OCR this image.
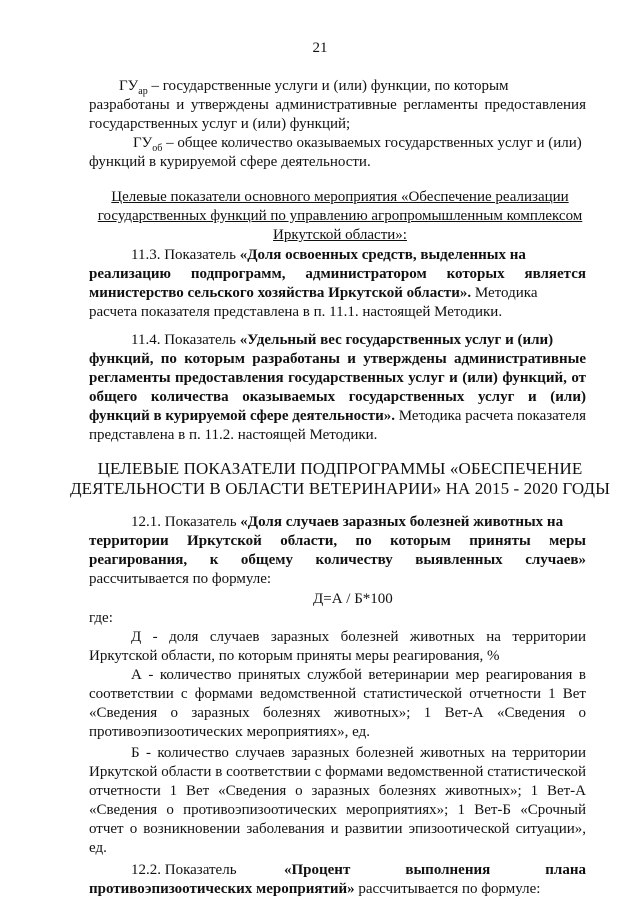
21
$ГУ_{ар}$ – государственные услуги и (или) функции, по которым
разработаны и утверждены административные регламенты предоставления
государственных услуг и (или) функций;
$ГУ_{об}$ – общее количество оказываемых государственных услуг и (или)
функций в курируемой сфере деятельности.
Целевые показатели основного мероприятия «Обеспечение реализации
государственных функций по управлению агропромышленным комплексом
Иркутской области»:
11.3. Показатель «Доля освоенных средств, выделенных на
реализацию подпрограмм, администратором которых является
министерство сельского хозяйства Иркутской области». Методика
расчета показателя представлена в п. 11.1. настоящей Методики.
11.4. Показатель «Удельный вес государственных услуг и (или)
функций, по которым разработаны и утверждены административные
регламенты предоставления государственных услуг и (или) функций, от
общего количества оказываемых государственных услуг и (или)
функций в курируемой сфере деятельности». Методика расчета показателя
представлена в п. 11.2. настоящей Методики.
ЦЕЛЕВЫЕ ПОКАЗАТЕЛИ ПОДПРОГРАММЫ «ОБЕСПЕЧЕНИЕ
ДЕЯТЕЛЬНОСТИ В ОБЛАСТИ ВЕТЕРИНАРИИ» НА 2015 - 2020 ГОДЫ
12.1. Показатель «Доля случаев заразных болезней животных на
территории Иркутской области, по которым приняты меры
реагирования, к общему количеству выявленных случаев»
рассчитывается по формуле:
Д=А / Б*100
где:
Д - доля случаев заразных болезней животных на территории
Иркутской области, по которым приняты меры реагирования, %
А - количество принятых службой ветеринарии мер реагирования в
соответствии с формами ведомственной статистической отчетности 1 Вет
«Сведения о заразных болезнях животных»; 1 Вет-А «Сведения о
противоэпизоотических мероприятиях», ед.
Б - количество случаев заразных болезней животных на территории
Иркутской области в соответствии с формами ведомственной статистической
отчетности 1 Вет «Сведения о заразных болезнях животных»; 1 Вет-А
«Сведения о противоэпизоотических мероприятиях»; 1 Вет-Б «Срочный
отчет о возникновении заболевания и развитии эпизоотической ситуации»,
ед.
12.2. Показатель	«Процент выполнения плана
противоэпизоотических мероприятий» рассчитывается по формуле:
